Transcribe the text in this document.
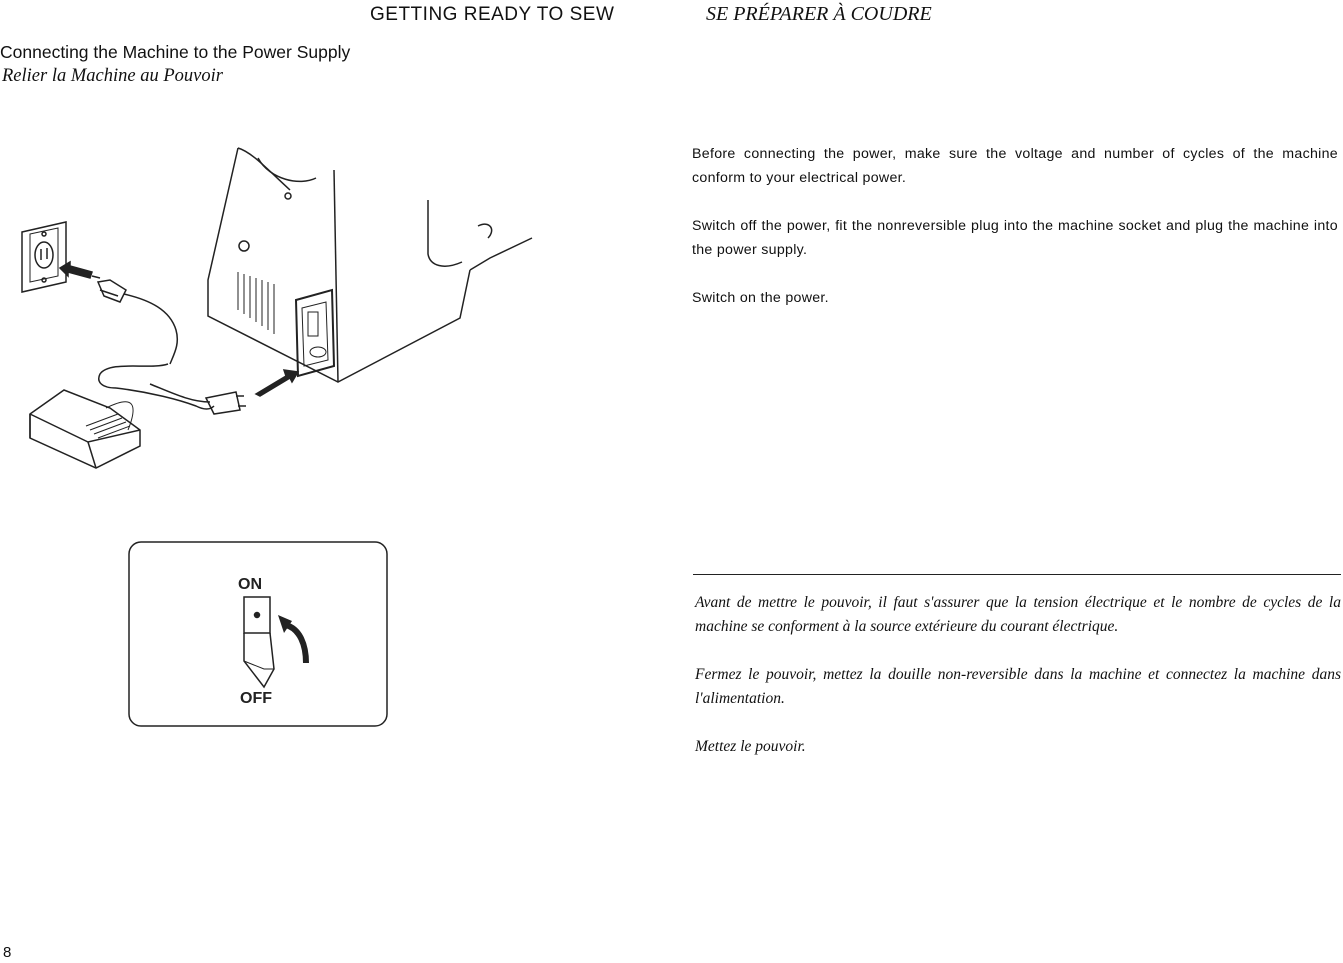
GETTING READY TO SEW	SE PRÉPARER À COUDRE
Connecting the Machine to the Power Supply
Relier la Machine au Pouvoir
ON
OFF

Before connecting the power, make sure the voltage and number of cycles of the machine conform to your electrical power.

Switch off the power, fit the nonreversible plug into the machine socket and plug the machine into the power supply.

Switch on the power.

Avant de mettre le pouvoir, il faut s'assurer que la tension électrique et le nombre de cycles de la machine se conforment à la source extérieure du courant électrique.

Fermez le pouvoir, mettez la douille non-reversible dans la machine et connectez la machine dans l'alimentation.

Mettez le pouvoir.

8
